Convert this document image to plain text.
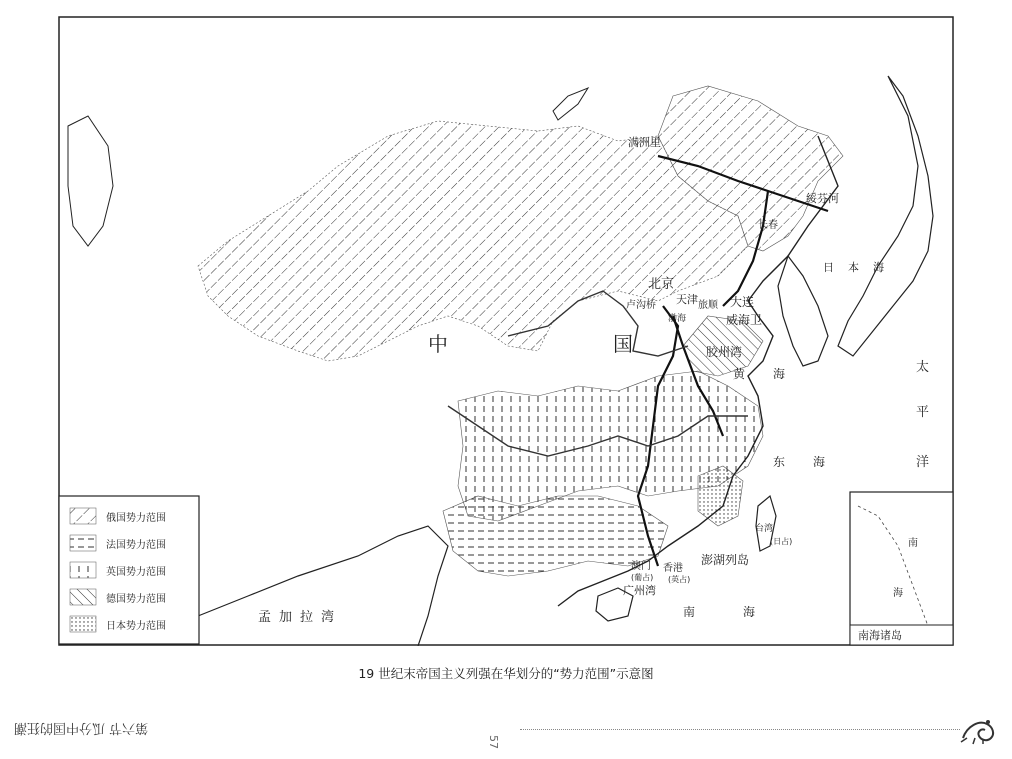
俄国势力范围
法国势力范围
英国势力范围
德国势力范围
日本势力范围
中	国
北京
天津
卢沟桥	大连
旅顺
威海卫
胶州湾
满洲里
绥芬河
长春
香港
(英占)
澳门
(葡占)
广州湾
澎湖列岛
台湾
(日占)
孟加拉湾	南	海
东 海
黄 海
渤海
日 本 海
太
平
洋
南
海
南海诸岛
19 世纪末帝国主义列强在华划分的“势力范围”示意图
57
第六节 瓜分中国的狂潮
